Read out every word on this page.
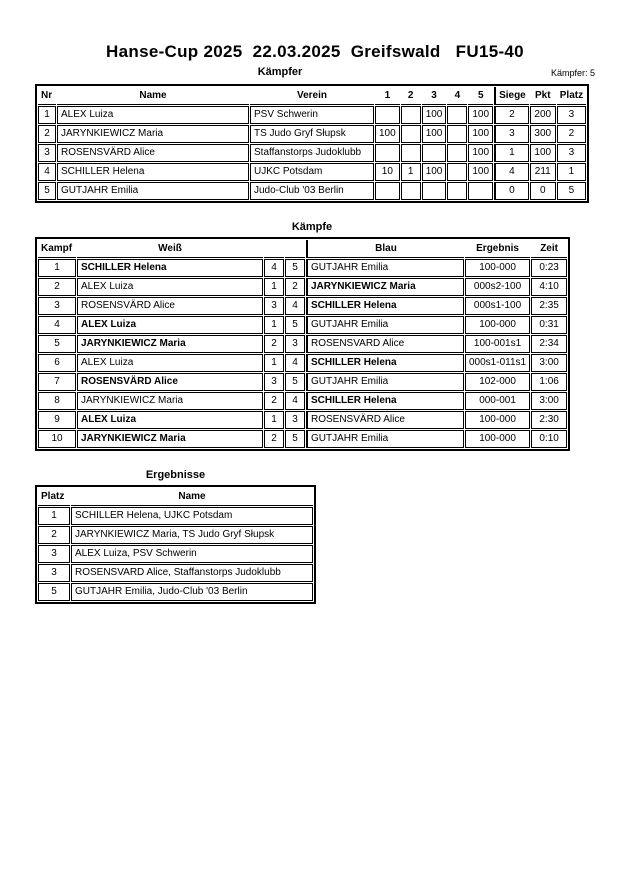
Hanse-Cup 2025  22.03.2025  Greifswald   FU15-40
Kämpfer	Kämpfer: 5
Nr	Name	Verein	1	2	3	4	5	Siege	Pkt	Platz
1	ALEX Luiza	PSV Schwerin			100		100	2	200	3
2	JARYNKIEWICZ Maria	TS Judo Gryf Słupsk	100		100		100	3	300	2
3	ROSENSVÄRD Alice	Staffanstorps Judoklubb					100	1	100	3
4	SCHILLER Helena	UJKC Potsdam	10	1	100		100	4	211	1
5	GUTJAHR Emilia	Judo-Club '03 Berlin						0	0	5
Kämpfe
Kampf	Weiß			Blau	Ergebnis	Zeit
1	SCHILLER Helena	4	5	GUTJAHR Emilia	100-000	0:23
2	ALEX Luiza	1	2	JARYNKIEWICZ Maria	000s2-100	4:10
3	ROSENSVÄRD Alice	3	4	SCHILLER Helena	000s1-100	2:35
4	ALEX Luiza	1	5	GUTJAHR Emilia	100-000	0:31
5	JARYNKIEWICZ Maria	2	3	ROSENSVARD Alice	100-001s1	2:34
6	ALEX Luiza	1	4	SCHILLER Helena	000s1-011s1	3:00
7	ROSENSVÄRD Alice	3	5	GUTJAHR Emilia	102-000	1:06
8	JARYNKIEWICZ Maria	2	4	SCHILLER Helena	000-001	3:00
9	ALEX Luiza	1	3	ROSENSVÄRD Alice	100-000	2:30
10	JARYNKIEWICZ Maria	2	5	GUTJAHR Emilia	100-000	0:10
Ergebnisse
Platz	Name
1	SCHILLER Helena, UJKC Potsdam
2	JARYNKIEWICZ Maria, TS Judo Gryf Słupsk
3	ALEX Luiza, PSV Schwerin
3	ROSENSVARD Alice, Staffanstorps Judoklubb
5	GUTJAHR Emilia, Judo-Club '03 Berlin
